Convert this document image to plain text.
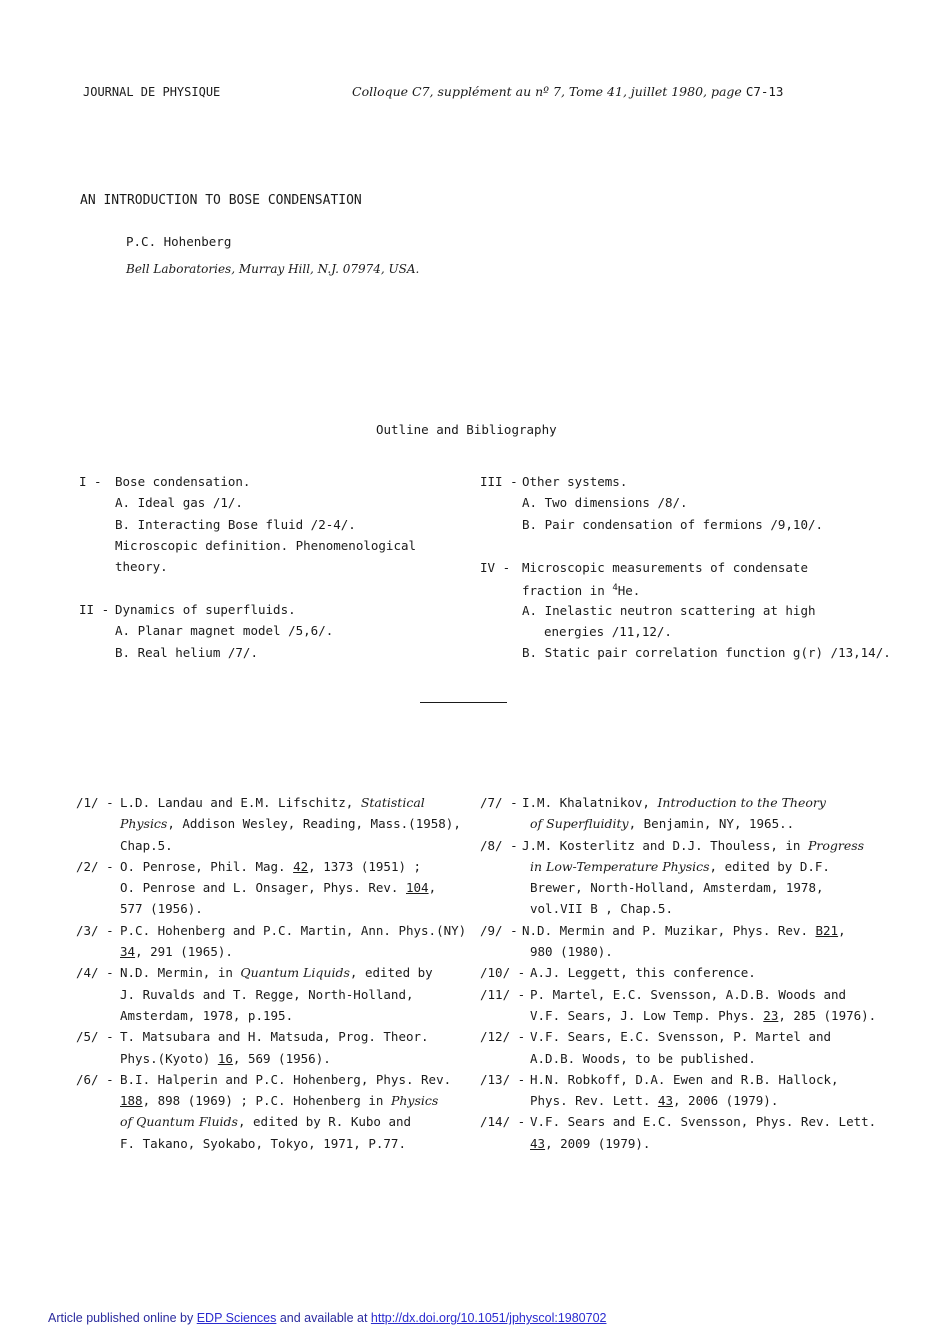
JOURNAL DE PHYSIQUE	Colloque C7, supplément au nº 7, Tome 41, juillet 1980, page C7-13
AN INTRODUCTION TO BOSE CONDENSATION
P.C. Hohenberg
Bell Laboratories, Murray Hill, N.J. 07974, USA.
Outline and Bibliography
I - Bose condensation.
A. Ideal gas /1/.
B. Interacting Bose fluid /2-4/.
Microscopic definition. Phenomenological
theory.
II - Dynamics of superfluids.
A. Planar magnet model /5,6/.
B. Real helium /7/.
III - Other systems.
A. Two dimensions /8/.
B. Pair condensation of fermions /9,10/.
IV - Microscopic measurements of condensate
fraction in $^4$He.
A. Inelastic neutron scattering at high
energies /11,12/.
B. Static pair correlation function g(r) /13,14/.
/1/ - L.D. Landau and E.M. Lifschitz, Statistical
Physics, Addison Wesley, Reading, Mass.(1958),
Chap.5.
/2/ - O. Penrose, Phil. Mag. 42, 1373 (1951) ;
O. Penrose and L. Onsager, Phys. Rev. 104,
577 (1956).
/3/ - P.C. Hohenberg and P.C. Martin, Ann. Phys.(NY)
34, 291 (1965).
/4/ - N.D. Mermin, in Quantum Liquids, edited by
J. Ruvalds and T. Regge, North-Holland,
Amsterdam, 1978, p.195.
/5/ - T. Matsubara and H. Matsuda, Prog. Theor.
Phys.(Kyoto) 16, 569 (1956).
/6/ - B.I. Halperin and P.C. Hohenberg, Phys. Rev.
188, 898 (1969) ; P.C. Hohenberg in Physics
of Quantum Fluids, edited by R. Kubo and
F. Takano, Syokabo, Tokyo, 1971, P.77.
/7/ - I.M. Khalatnikov, Introduction to the Theory
of Superfluidity, Benjamin, NY, 1965..
/8/ - J.M. Kosterlitz and D.J. Thouless, in Progress
in Low-Temperature Physics, edited by D.F.
Brewer, North-Holland, Amsterdam, 1978,
vol.VII B , Chap.5.
/9/ - N.D. Mermin and P. Muzikar, Phys. Rev. B21,
980 (1980).
/10/ - A.J. Leggett, this conference.
/11/ - P. Martel, E.C. Svensson, A.D.B. Woods and
V.F. Sears, J. Low Temp. Phys. 23, 285 (1976).
/12/ - V.F. Sears, E.C. Svensson, P. Martel and
A.D.B. Woods, to be published.
/13/ - H.N. Robkoff, D.A. Ewen and R.B. Hallock,
Phys. Rev. Lett. 43, 2006 (1979).
/14/ - V.F. Sears and E.C. Svensson, Phys. Rev. Lett.
43, 2009 (1979).
Article published online by EDP Sciences and available at http://dx.doi.org/10.1051/jphyscol:1980702
